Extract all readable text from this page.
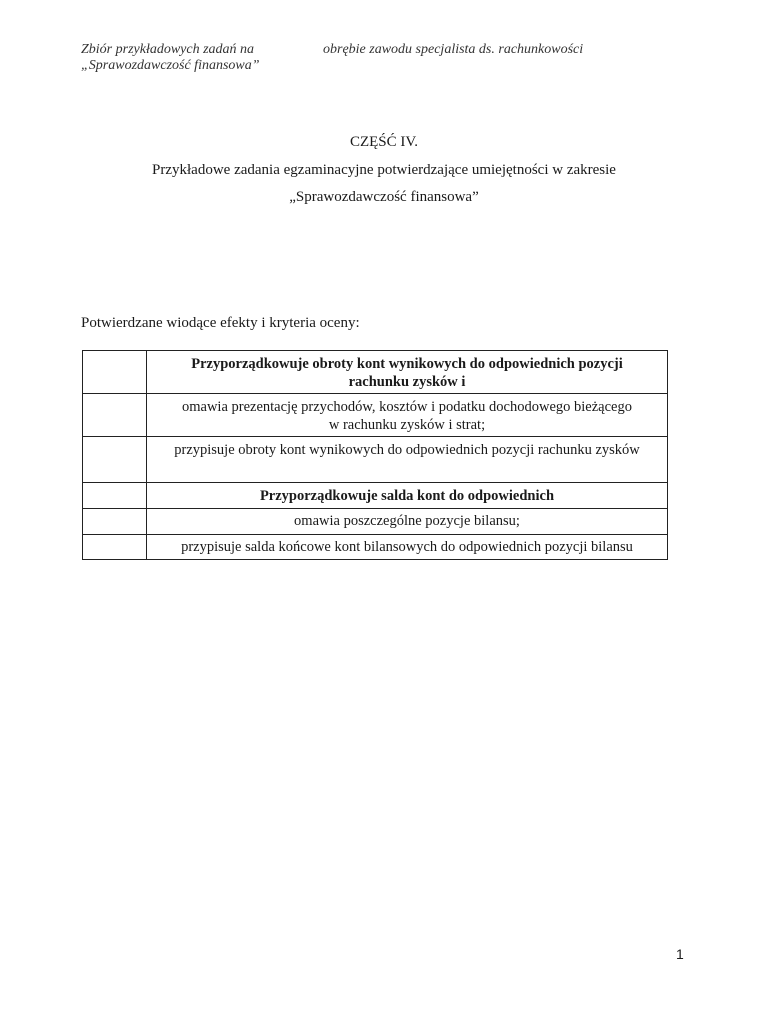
Zbiór przykładowych zadań na
„Sprawozdawczość finansowa”
obrębie zawodu specjalista ds. rachunkowości
CZĘŚĆ IV.
Przykładowe zadania egzaminacyjne potwierdzające umiejętności w zakresie
„Sprawozdawczość finansowa”
Potwierdzane wiodące efekty i kryteria oceny:

	Przyporządkowuje obroty kont wynikowych do odpowiednich pozycji
rachunku zysków i

	omawia prezentację przychodów, kosztów i podatku dochodowego bieżącego
w rachunku zysków i strat;

	przypisuje obroty kont wynikowych do odpowiednich pozycji rachunku zysków
	Przyporządkowuje salda kont do odpowiednich
	omawia poszczególne pozycje bilansu;
	przypisuje salda końcowe kont bilansowych do odpowiednich pozycji bilansu
1
